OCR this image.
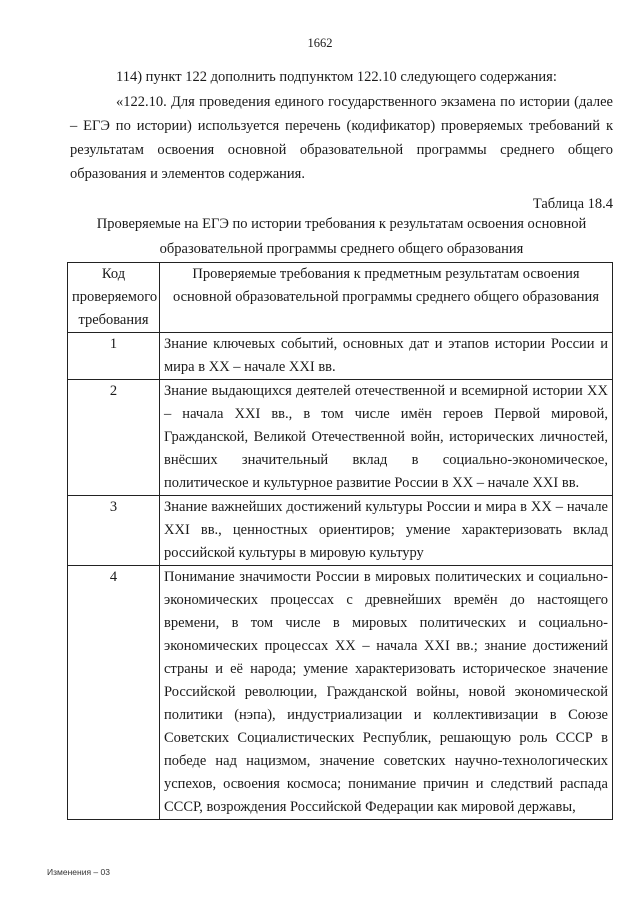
1662

114) пункт 122 дополнить подпунктом 122.10 следующего содержания:

«122.10. Для проведения единого государственного экзамена по истории (далее – ЕГЭ по истории) используется перечень (кодификатор) проверяемых требований к результатам освоения основной образовательной программы среднего общего образования и элементов содержания.

Таблица 18.4
Проверяемые на ЕГЭ по истории требования к результатам освоения основной образовательной программы среднего общего образования
Код проверяемого требования	Проверяемые требования к предметным результатам освоения основной образовательной программы среднего общего образования
1	Знание ключевых событий, основных дат и этапов истории России и мира в XX – начале XXI вв.
2	Знание выдающихся деятелей отечественной и всемирной истории XX – начала XXI вв., в том числе имён героев Первой мировой, Гражданской, Великой Отечественной войн, исторических личностей, внёсших значительный вклад в социально-экономическое, политическое и культурное развитие России в XX – начале XXI вв.
3	Знание важнейших достижений культуры России и мира в XX – начале XXI вв., ценностных ориентиров; умение характеризовать вклад российской культуры в мировую культуру
4	Понимание значимости России в мировых политических и социально-экономических процессах с древнейших времён до настоящего времени, в том числе в мировых политических и социально-экономических процессах XX – начала XXI вв.; знание достижений страны и её народа; умение характеризовать историческое значение Российской революции, Гражданской войны, новой экономической политики (нэпа), индустриализации и коллективизации в Союзе Советских Социалистических Республик, решающую роль СССР в победе над нацизмом, значение советских научно-технологических успехов, освоения космоса; понимание причин и следствий распада СССР, возрождения Российской Федерации как мировой державы,
Изменения – 03
